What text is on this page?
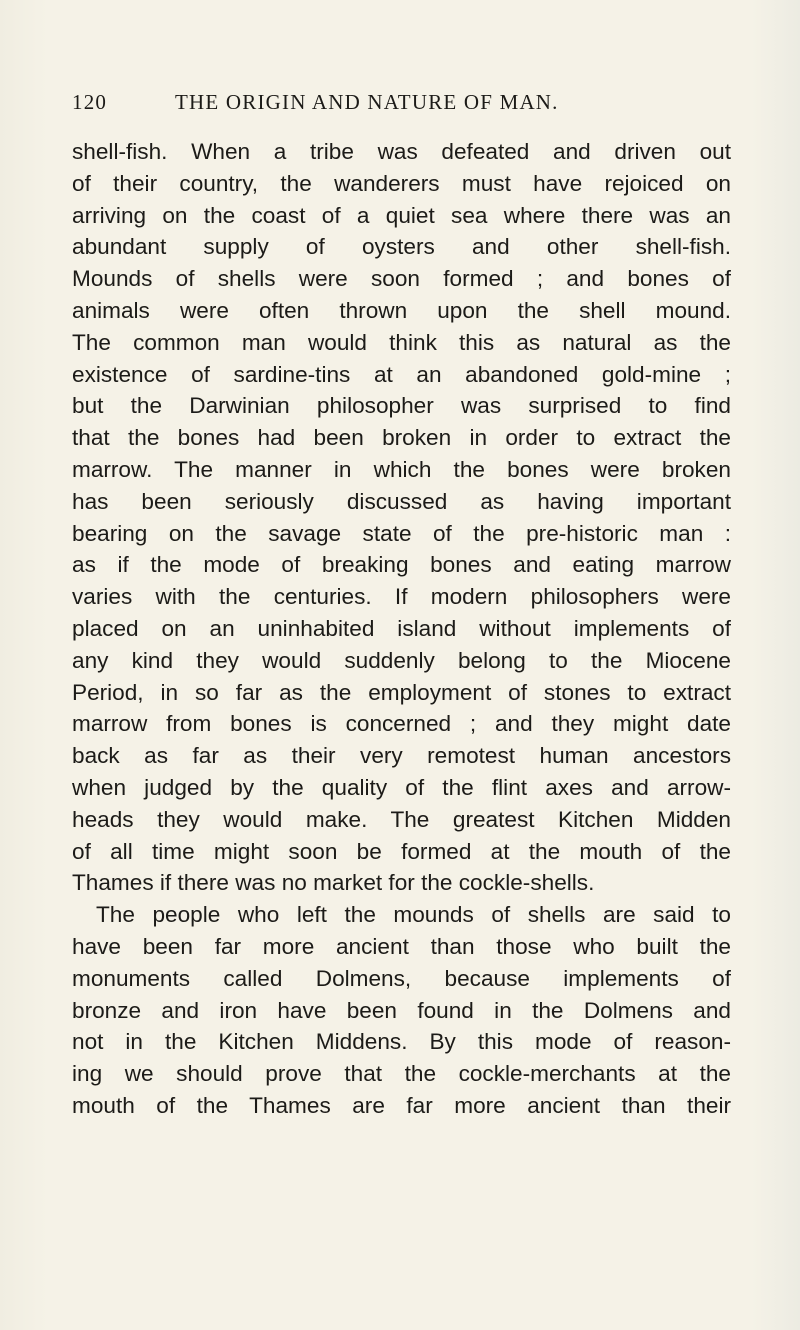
120	THE ORIGIN AND NATURE OF MAN.
shell-fish. When a tribe was defeated and driven out
of their country, the wanderers must have rejoiced on
arriving on the coast of a quiet sea where there was an
abundant supply of oysters and other shell-fish.
Mounds of shells were soon formed ; and bones of
animals were often thrown upon the shell mound.
The common man would think this as natural as the
existence of sardine-tins at an abandoned gold-mine ;
but the Darwinian philosopher was surprised to find
that the bones had been broken in order to extract the
marrow. The manner in which the bones were broken
has been seriously discussed as having important
bearing on the savage state of the pre-historic man :
as if the mode of breaking bones and eating marrow
varies with the centuries. If modern philosophers were
placed on an uninhabited island without implements of
any kind they would suddenly belong to the Miocene
Period, in so far as the employment of stones to extract
marrow from bones is concerned ; and they might date
back as far as their very remotest human ancestors
when judged by the quality of the flint axes and arrow-
heads they would make. The greatest Kitchen Midden
of all time might soon be formed at the mouth of the
Thames if there was no market for the cockle-shells.
The people who left the mounds of shells are said to
have been far more ancient than those who built the
monuments called Dolmens, because implements of
bronze and iron have been found in the Dolmens and
not in the Kitchen Middens. By this mode of reason-
ing we should prove that the cockle-merchants at the
mouth of the Thames are far more ancient than their
